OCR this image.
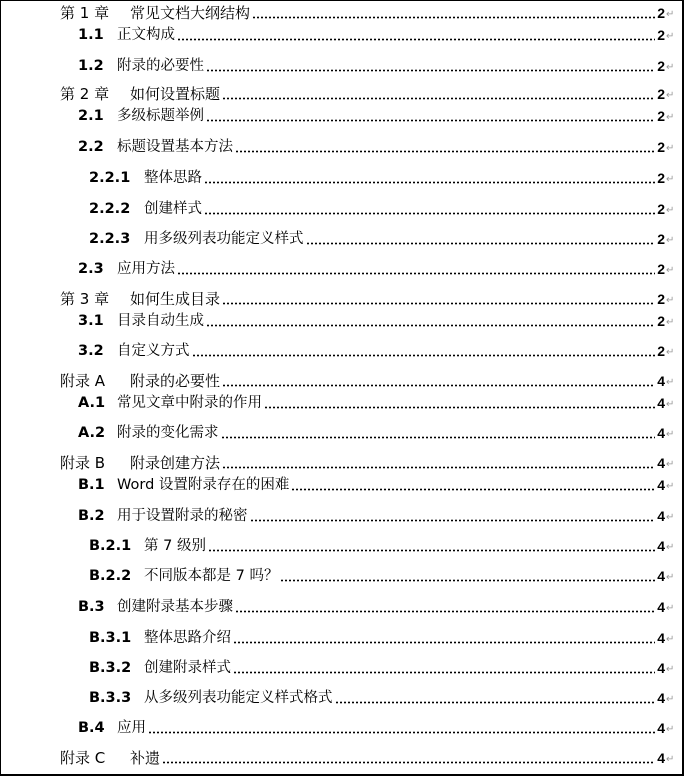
第 1 章	常见文档大纲结构	2 ↵
1.1 正文构成	2 ↵
1.2 附录的必要性	2 ↵
第 2 章	如何设置标题	2 ↵
2.1 多级标题举例	2 ↵
2.2 标题设置基本方法	2 ↵
2.2.1 整体思路	2 ↵
2.2.2 创建样式	2 ↵
2.2.3 用多级列表功能定义样式	2 ↵
2.3 应用方法	2 ↵
第 3 章	如何生成目录	2 ↵
3.1 目录自动生成	2 ↵
3.2 自定义方式	2 ↵
附录 A	附录的必要性	4 ↵
A.1 常见文章中附录的作用	4 ↵
A.2 附录的变化需求	4 ↵
附录 B	附录创建方法	4 ↵
B.1 Word 设置附录存在的困难	4 ↵
B.2 用于设置附录的秘密	4 ↵
B.2.1 第 7 级别	4 ↵
B.2.2 不同版本都是 7 吗？	4 ↵
B.3 创建附录基本步骤	4 ↵
B.3.1 整体思路介绍	4 ↵
B.3.2 创建附录样式	4 ↵
B.3.3 从多级列表功能定义样式格式	4 ↵
B.4 应用	4 ↵
附录 C	补遗	4 ↵
